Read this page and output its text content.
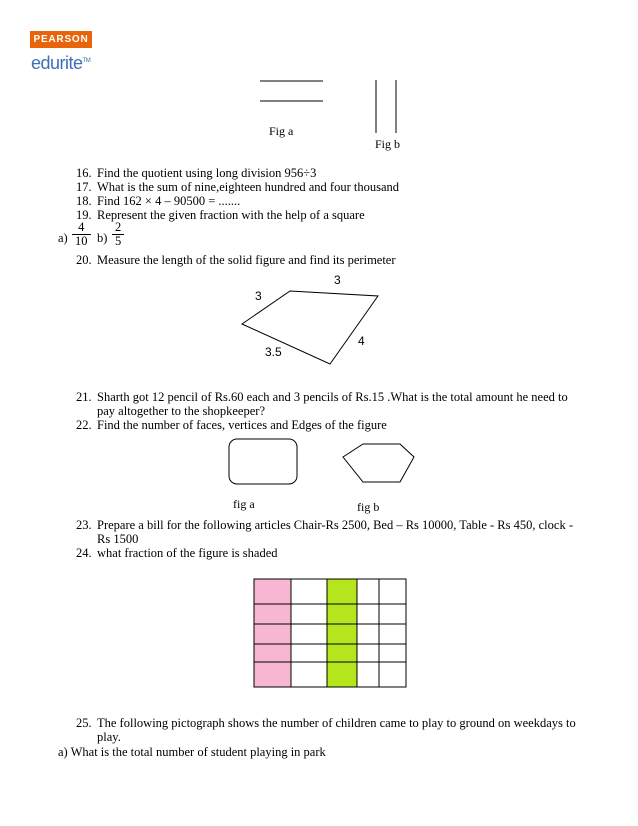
PEARSON
edurite™
Fig a
Fig b
16. Find the quotient using long division 956÷3
17. What is the sum of nine,eighteen hundred and four thousand
18. Find 162 × 4 – 90500 = .......
19. Represent the given fraction with the help of a square
$a) \frac{4}{10} b) \frac{2}{5}$
20. Measure the length of the solid figure and find its perimeter
3
3
4
3.5
21. Sharth got 12 pencil of Rs.60 each and 3 pencils of Rs.15 .What is the total amount he need to pay altogether to the shopkeeper?
22. Find the number of faces, vertices and Edges of the figure
fig a	fig b
23. Prepare a bill for the following articles Chair-Rs 2500, Bed – Rs 10000, Table - Rs 450, clock -Rs 1500
24. what fraction of the figure is shaded
25. The following pictograph shows the number of children came to play to ground on weekdays to play.
a) What is the total number of student playing in park
